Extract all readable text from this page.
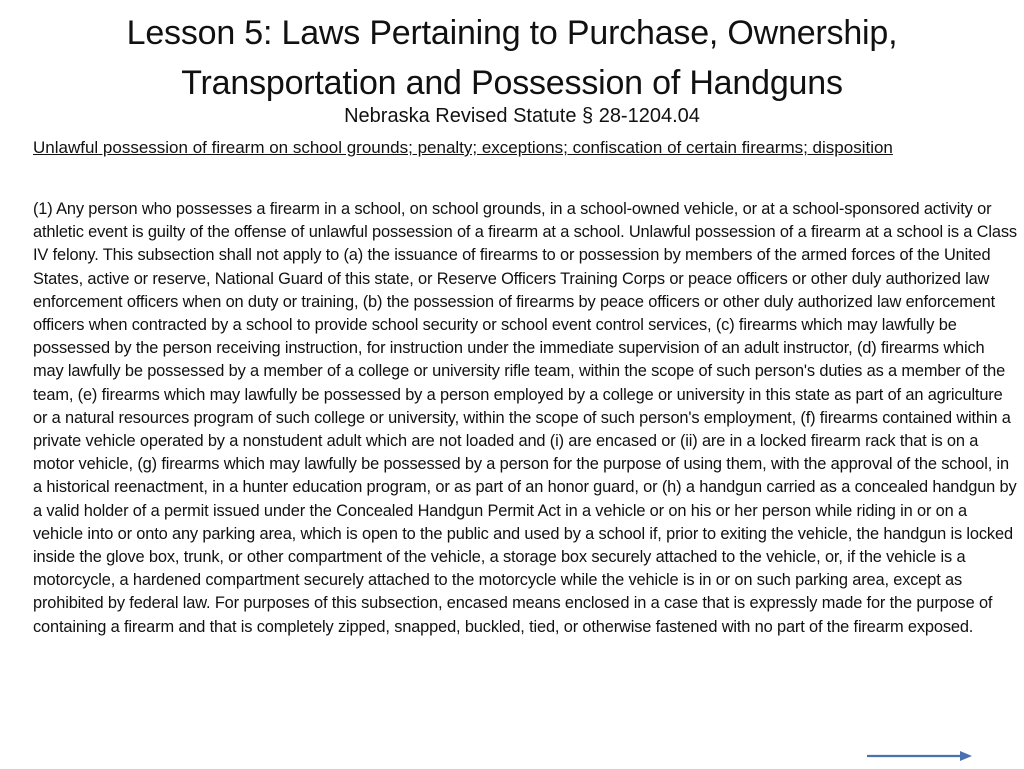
Lesson 5: Laws Pertaining to Purchase, Ownership, Transportation and Possession of Handguns

Nebraska Revised Statute § 28-1204.04

Unlawful possession of firearm on school grounds; penalty; exceptions; confiscation of certain firearms; disposition

(1) Any person who possesses a firearm in a school, on school grounds, in a school-owned vehicle, or at a school-sponsored activity or athletic event is guilty of the offense of unlawful possession of a firearm at a school. Unlawful possession of a firearm at a school is a Class IV felony. This subsection shall not apply to (a) the issuance of firearms to or possession by members of the armed forces of the United States, active or reserve, National Guard of this state, or Reserve Officers Training Corps or peace officers or other duly authorized law enforcement officers when on duty or training, (b) the possession of firearms by peace officers or other duly authorized law enforcement officers when contracted by a school to provide school security or school event control services, (c) firearms which may lawfully be possessed by the person receiving instruction, for instruction under the immediate supervision of an adult instructor, (d) firearms which may lawfully be possessed by a member of a college or university rifle team, within the scope of such person's duties as a member of the team, (e) firearms which may lawfully be possessed by a person employed by a college or university in this state as part of an agriculture or a natural resources program of such college or university, within the scope of such person's employment, (f) firearms contained within a private vehicle operated by a nonstudent adult which are not loaded and (i) are encased or (ii) are in a locked firearm rack that is on a motor vehicle, (g) firearms which may lawfully be possessed by a person for the purpose of using them, with the approval of the school, in a historical reenactment, in a hunter education program, or as part of an honor guard, or (h) a handgun carried as a concealed handgun by a valid holder of a permit issued under the Concealed Handgun Permit Act in a vehicle or on his or her person while riding in or on a vehicle into or onto any parking area, which is open to the public and used by a school if, prior to exiting the vehicle, the handgun is locked inside the glove box, trunk, or other compartment of the vehicle, a storage box securely attached to the vehicle, or, if the vehicle is a motorcycle, a hardened compartment securely attached to the motorcycle while the vehicle is in or on such parking area, except as prohibited by federal law. For purposes of this subsection, encased means enclosed in a case that is expressly made for the purpose of containing a firearm and that is completely zipped, snapped, buckled, tied, or otherwise fastened with no part of the firearm exposed.
